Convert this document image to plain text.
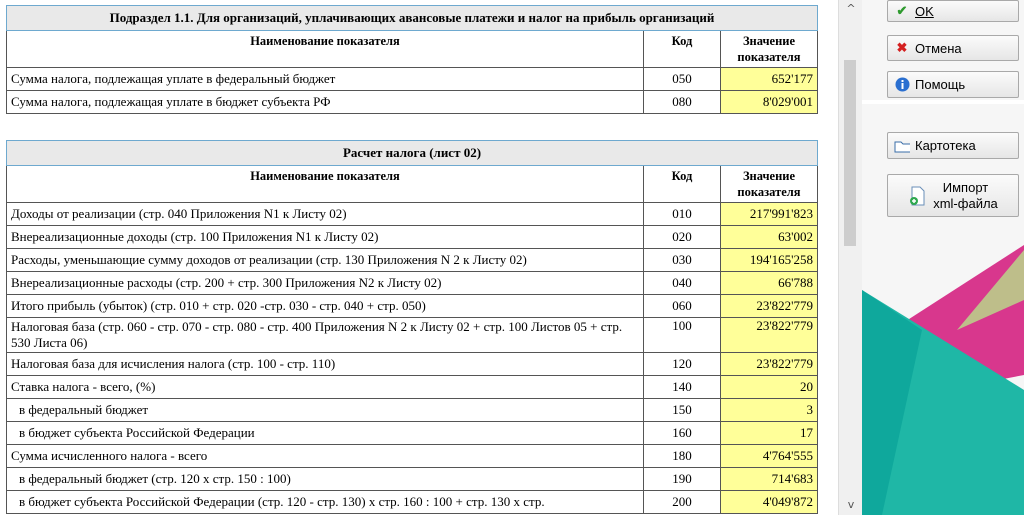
Подраздел 1.1. Для организаций, уплачивающих авансовые платежи и налог на прибыль организаций		
Наименование показателя	Код	Значение показателя
Сумма налога, подлежащая уплате в федеральный бюджет	050	652'177
Сумма налога, подлежащая уплате в бюджет субъекта РФ	080	8'029'001
Расчет налога (лист 02)		
Наименование показателя	Код	Значение показателя
Доходы от реализации (стр. 040 Приложения N1 к Листу 02)	010	217'991'823
Внереализационные доходы (стр. 100 Приложения N1 к Листу 02)	020	63'002
Расходы, уменьшающие сумму доходов от реализации (стр. 130 Приложения N 2 к Листу 02)	030	194'165'258
Внереализационные расходы (стр. 200 + стр. 300 Приложения N2 к Листу 02)	040	66'788
Итого прибыль (убыток) (стр. 010 + стр. 020 -стр. 030 - стр. 040 + стр. 050)	060	23'822'779
Налоговая база (стр. 060 - стр. 070 - стр. 080 - стр. 400 Приложения N 2 к Листу 02 + стр. 100 Листов 05 + стр. 530 Листа 06)	100	23'822'779
Налоговая база для исчисления налога (стр. 100 - стр. 110)	120	23'822'779
Ставка налога - всего, (%)	140	20
в федеральный бюджет	150	3
в бюджет субъекта Российской Федерации	160	17
Сумма исчисленного налога - всего	180	4'764'555
в федеральный бюджет (стр. 120 х стр. 150 : 100)	190	714'683
в бюджет субъекта Российской Федерации (стр. 120 - стр. 130) х стр. 160 : 100 + стр. 130 х стр.	200	4'049'872
^
v
✔ OK
✖ Отмена
Помощь
Картотека
Импорт
xml-файла
